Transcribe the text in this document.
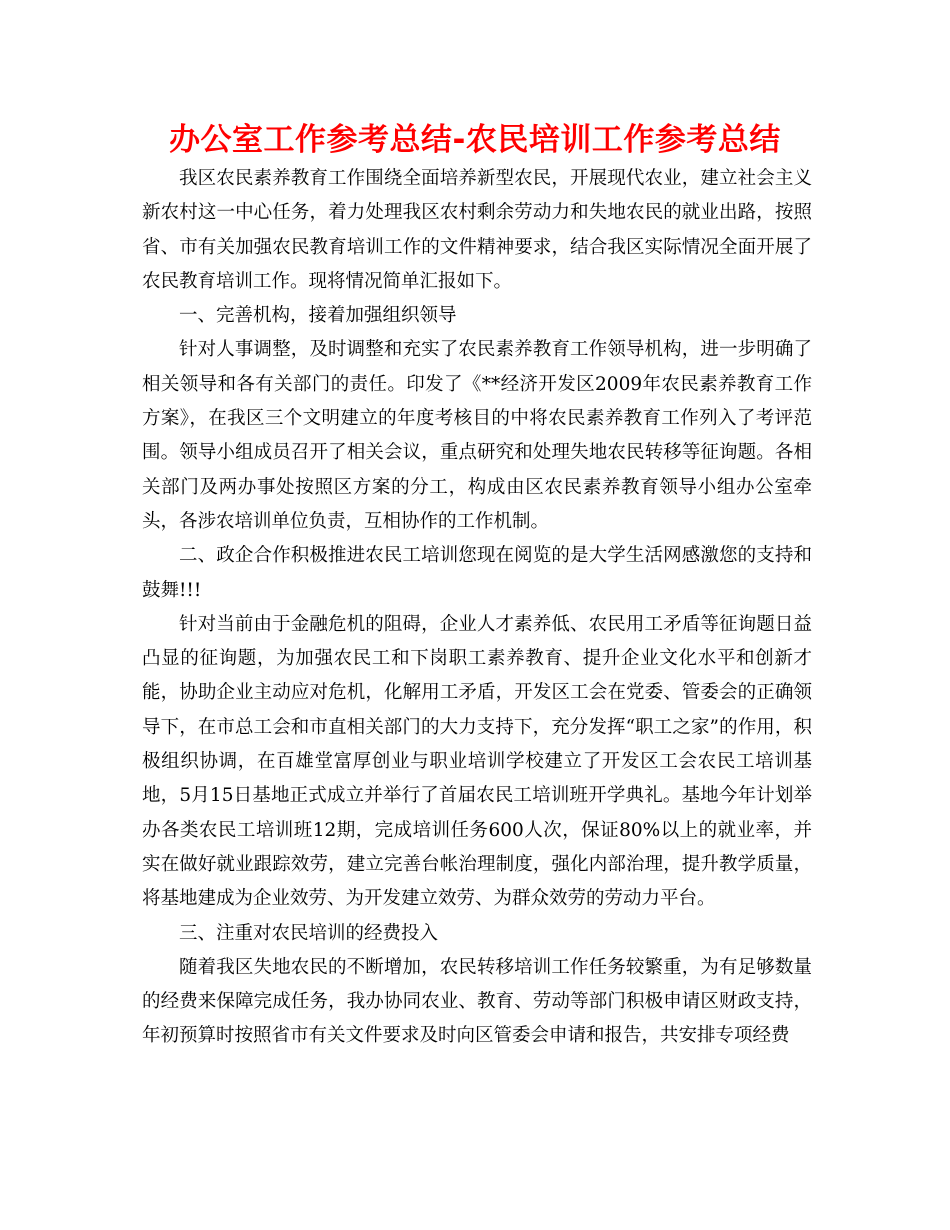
办公室工作参考总结-农民培训工作参考总结

我区农民素养教育工作围绕全面培养新型农民，开展现代农业，建立社会主义新农村这一中心任务，着力处理我区农村剩余劳动力和失地农民的就业出路，按照省、市有关加强农民教育培训工作的文件精神要求，结合我区实际情况全面开展了农民教育培训工作。现将情况简单汇报如下。

一、完善机构，接着加强组织领导

针对人事调整，及时调整和充实了农民素养教育工作领导机构，进一步明确了相关领导和各有关部门的责任。印发了《**经济开发区2009年农民素养教育工作方案》，在我区三个文明建立的年度考核目的中将农民素养教育工作列入了考评范围。领导小组成员召开了相关会议，重点研究和处理失地农民转移等征询题。各相关部门及两办事处按照区方案的分工，构成由区农民素养教育领导小组办公室牵头，各涉农培训单位负责，互相协作的工作机制。

二、政企合作积极推进农民工培训您现在阅览的是大学生活网感激您的支持和鼓舞!!!

针对当前由于金融危机的阻碍，企业人才素养低、农民用工矛盾等征询题日益凸显的征询题，为加强农民工和下岗职工素养教育、提升企业文化水平和创新才能，协助企业主动应对危机，化解用工矛盾，开发区工会在党委、管委会的正确领导下，在市总工会和市直相关部门的大力支持下，充分发挥“职工之家”的作用，积极组织协调，在百雄堂富厚创业与职业培训学校建立了开发区工会农民工培训基地，5月15日基地正式成立并举行了首届农民工培训班开学典礼。基地今年计划举办各类农民工培训班12期，完成培训任务600人次，保证80%以上的就业率，并实在做好就业跟踪效劳，建立完善台帐治理制度，强化内部治理，提升教学质量，将基地建成为企业效劳、为开发建立效劳、为群众效劳的劳动力平台。

三、注重对农民培训的经费投入

随着我区失地农民的不断增加，农民转移培训工作任务较繁重，为有足够数量的经费来保障完成任务，我办协同农业、教育、劳动等部门积极申请区财政支持，年初预算时按照省市有关文件要求及时向区管委会申请和报告，共安排专项经费
